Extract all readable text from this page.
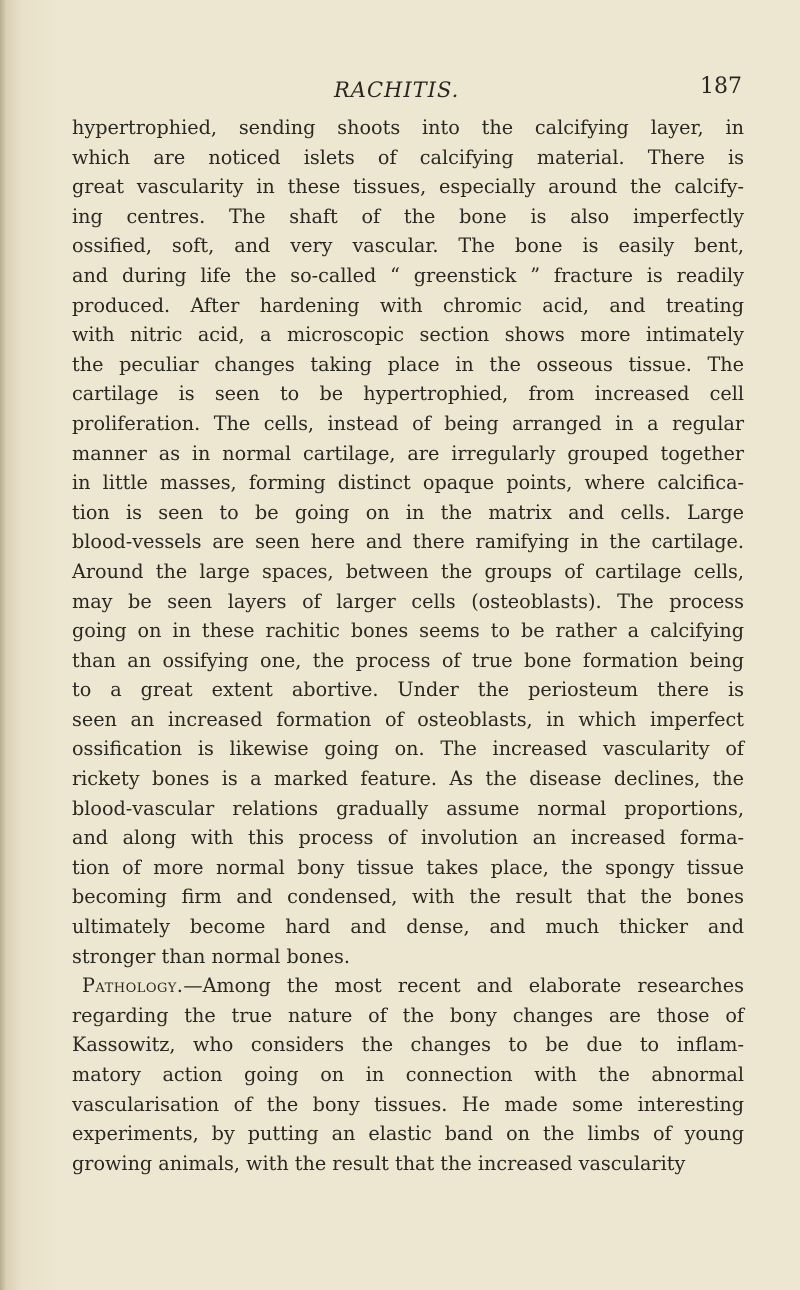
RACHITIS.	187
hypertrophied, sending shoots into the calcifying layer, in
which are noticed islets of calcifying material. There is
great vascularity in these tissues, especially around the calcify-
ing centres. The shaft of the bone is also imperfectly
ossified, soft, and very vascular. The bone is easily bent,
and during life the so-called “ greenstick ” fracture is readily
produced. After hardening with chromic acid, and treating
with nitric acid, a microscopic section shows more intimately
the peculiar changes taking place in the osseous tissue. The
cartilage is seen to be hypertrophied, from increased cell
proliferation. The cells, instead of being arranged in a regular
manner as in normal cartilage, are irregularly grouped together
in little masses, forming distinct opaque points, where calcifica-
tion is seen to be going on in the matrix and cells. Large
blood-vessels are seen here and there ramifying in the cartilage.
Around the large spaces, between the groups of cartilage cells,
may be seen layers of larger cells (osteoblasts). The process
going on in these rachitic bones seems to be rather a calcifying
than an ossifying one, the process of true bone formation being
to a great extent abortive. Under the periosteum there is
seen an increased formation of osteoblasts, in which imperfect
ossification is likewise going on. The increased vascularity of
rickety bones is a marked feature. As the disease declines, the
blood-vascular relations gradually assume normal proportions,
and along with this process of involution an increased forma-
tion of more normal bony tissue takes place, the spongy tissue
becoming firm and condensed, with the result that the bones
ultimately become hard and dense, and much thicker and
stronger than normal bones.
Pathology.—Among the most recent and elaborate researches
regarding the true nature of the bony changes are those of
Kassowitz, who considers the changes to be due to inflam-
matory action going on in connection with the abnormal
vascularisation of the bony tissues. He made some interesting
experiments, by putting an elastic band on the limbs of young
growing animals, with the result that the increased vascularity
